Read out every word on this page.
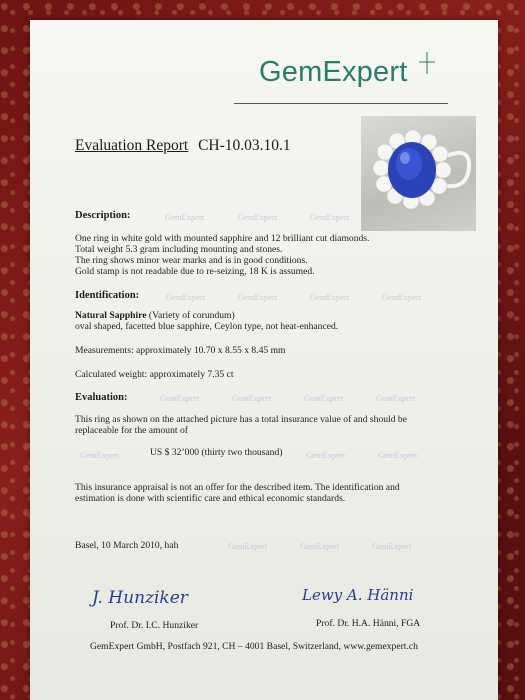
GemExpert
Evaluation Report CH-10.03.10.1
Description:	GemExpert	GemExpert	GemExpert
One ring in white gold with mounted sapphire and 12 brilliant cut diamonds.
Total weight 5.3 gram including mounting and stones.
The ring shows minor wear marks and is in good conditions.
Gold stamp is not readable due to re-seizing, 18 K is assumed.
Identification:	GemExpert	GemExpert	GemExpert	GemExpert
Natural Sapphire (Variety of corundum)
oval shaped, facetted blue sapphire, Ceylon type, not heat-enhanced.
Measurements: approximately 10.70 x 8.55 x 8.45 mm
Calculated weight: approximately 7.35 ct
Evaluation:	GemExpert	GemExpert	GemExpert	GemExpert
This ring as shown on the attached picture has a total insurance value of and should be
replaceable for the amount of
GemExpert	US $ 32’000 (thirty two thousand)	GemExpert	GemExpert
This insurance appraisal is not an offer for the described item. The identification and
estimation is done with scientific care and ethical economic standards.
Basel, 10 March 2010, hah	GemExpert	GemExpert	GemExpert
J. Hunziker	Lewy A. Hänni
Prof. Dr. I.C. Hunziker	Prof. Dr. H.A. Hänni, FGA
GemExpert GmbH, Postfach 921, CH – 4001 Basel, Switzerland, www.gemexpert.ch
